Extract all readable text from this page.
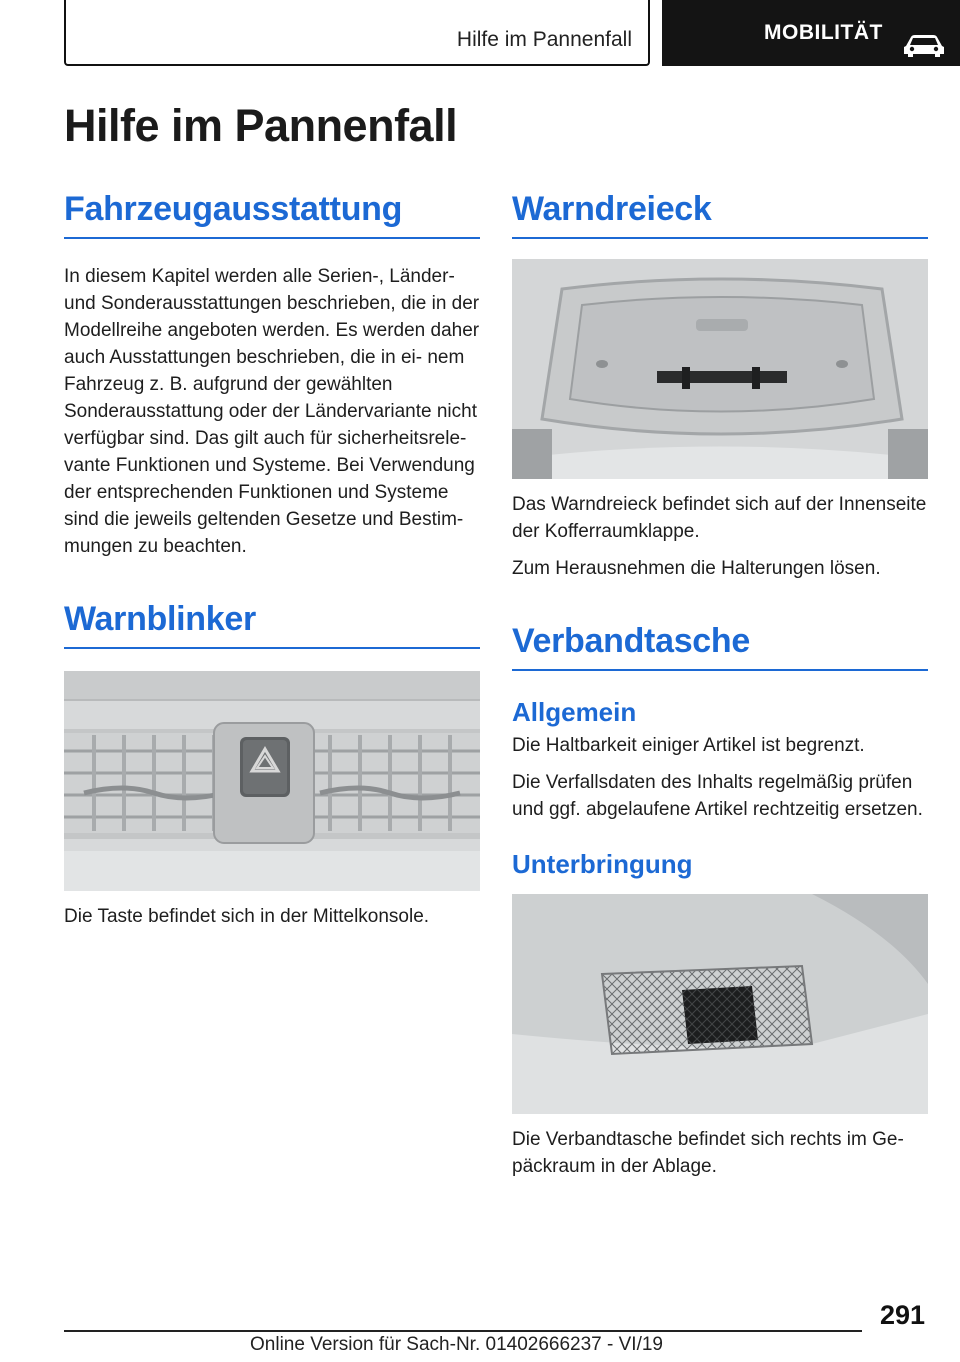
Hilfe im Pannenfall	MOBILITÄT
Hilfe im Pannenfall
Fahrzeugausstattung

In diesem Kapitel werden alle Serien-, Länder- und Sonderausstattungen beschrieben, die in der Modellreihe angeboten werden. Es werden daher auch Ausstattungen beschrieben, die in ei- nem Fahrzeug z. B. aufgrund der gewählten Sonderausstattung oder der Ländervariante nicht verfügbar sind. Das gilt auch für sicherheitsrele- vante Funktionen und Systeme. Bei Verwendung der entsprechenden Funktionen und Systeme sind die jeweils geltenden Gesetze und Bestim- mungen zu beachten.

Warnblinker

Die Taste befindet sich in der Mittelkonsole.

Warndreieck

Das Warndreieck befindet sich auf der Innenseite der Kofferraumklappe.

Zum Herausnehmen die Halterungen lösen.

Verbandtasche
Allgemein

Die Haltbarkeit einiger Artikel ist begrenzt.

Die Verfallsdaten des Inhalts regelmäßig prüfen und ggf. abgelaufene Artikel rechtzeitig ersetzen.

Unterbringung

Die Verbandtasche befindet sich rechts im Ge- päckraum in der Ablage.

291
Online Version für Sach-Nr. 01402666237 - VI/19
